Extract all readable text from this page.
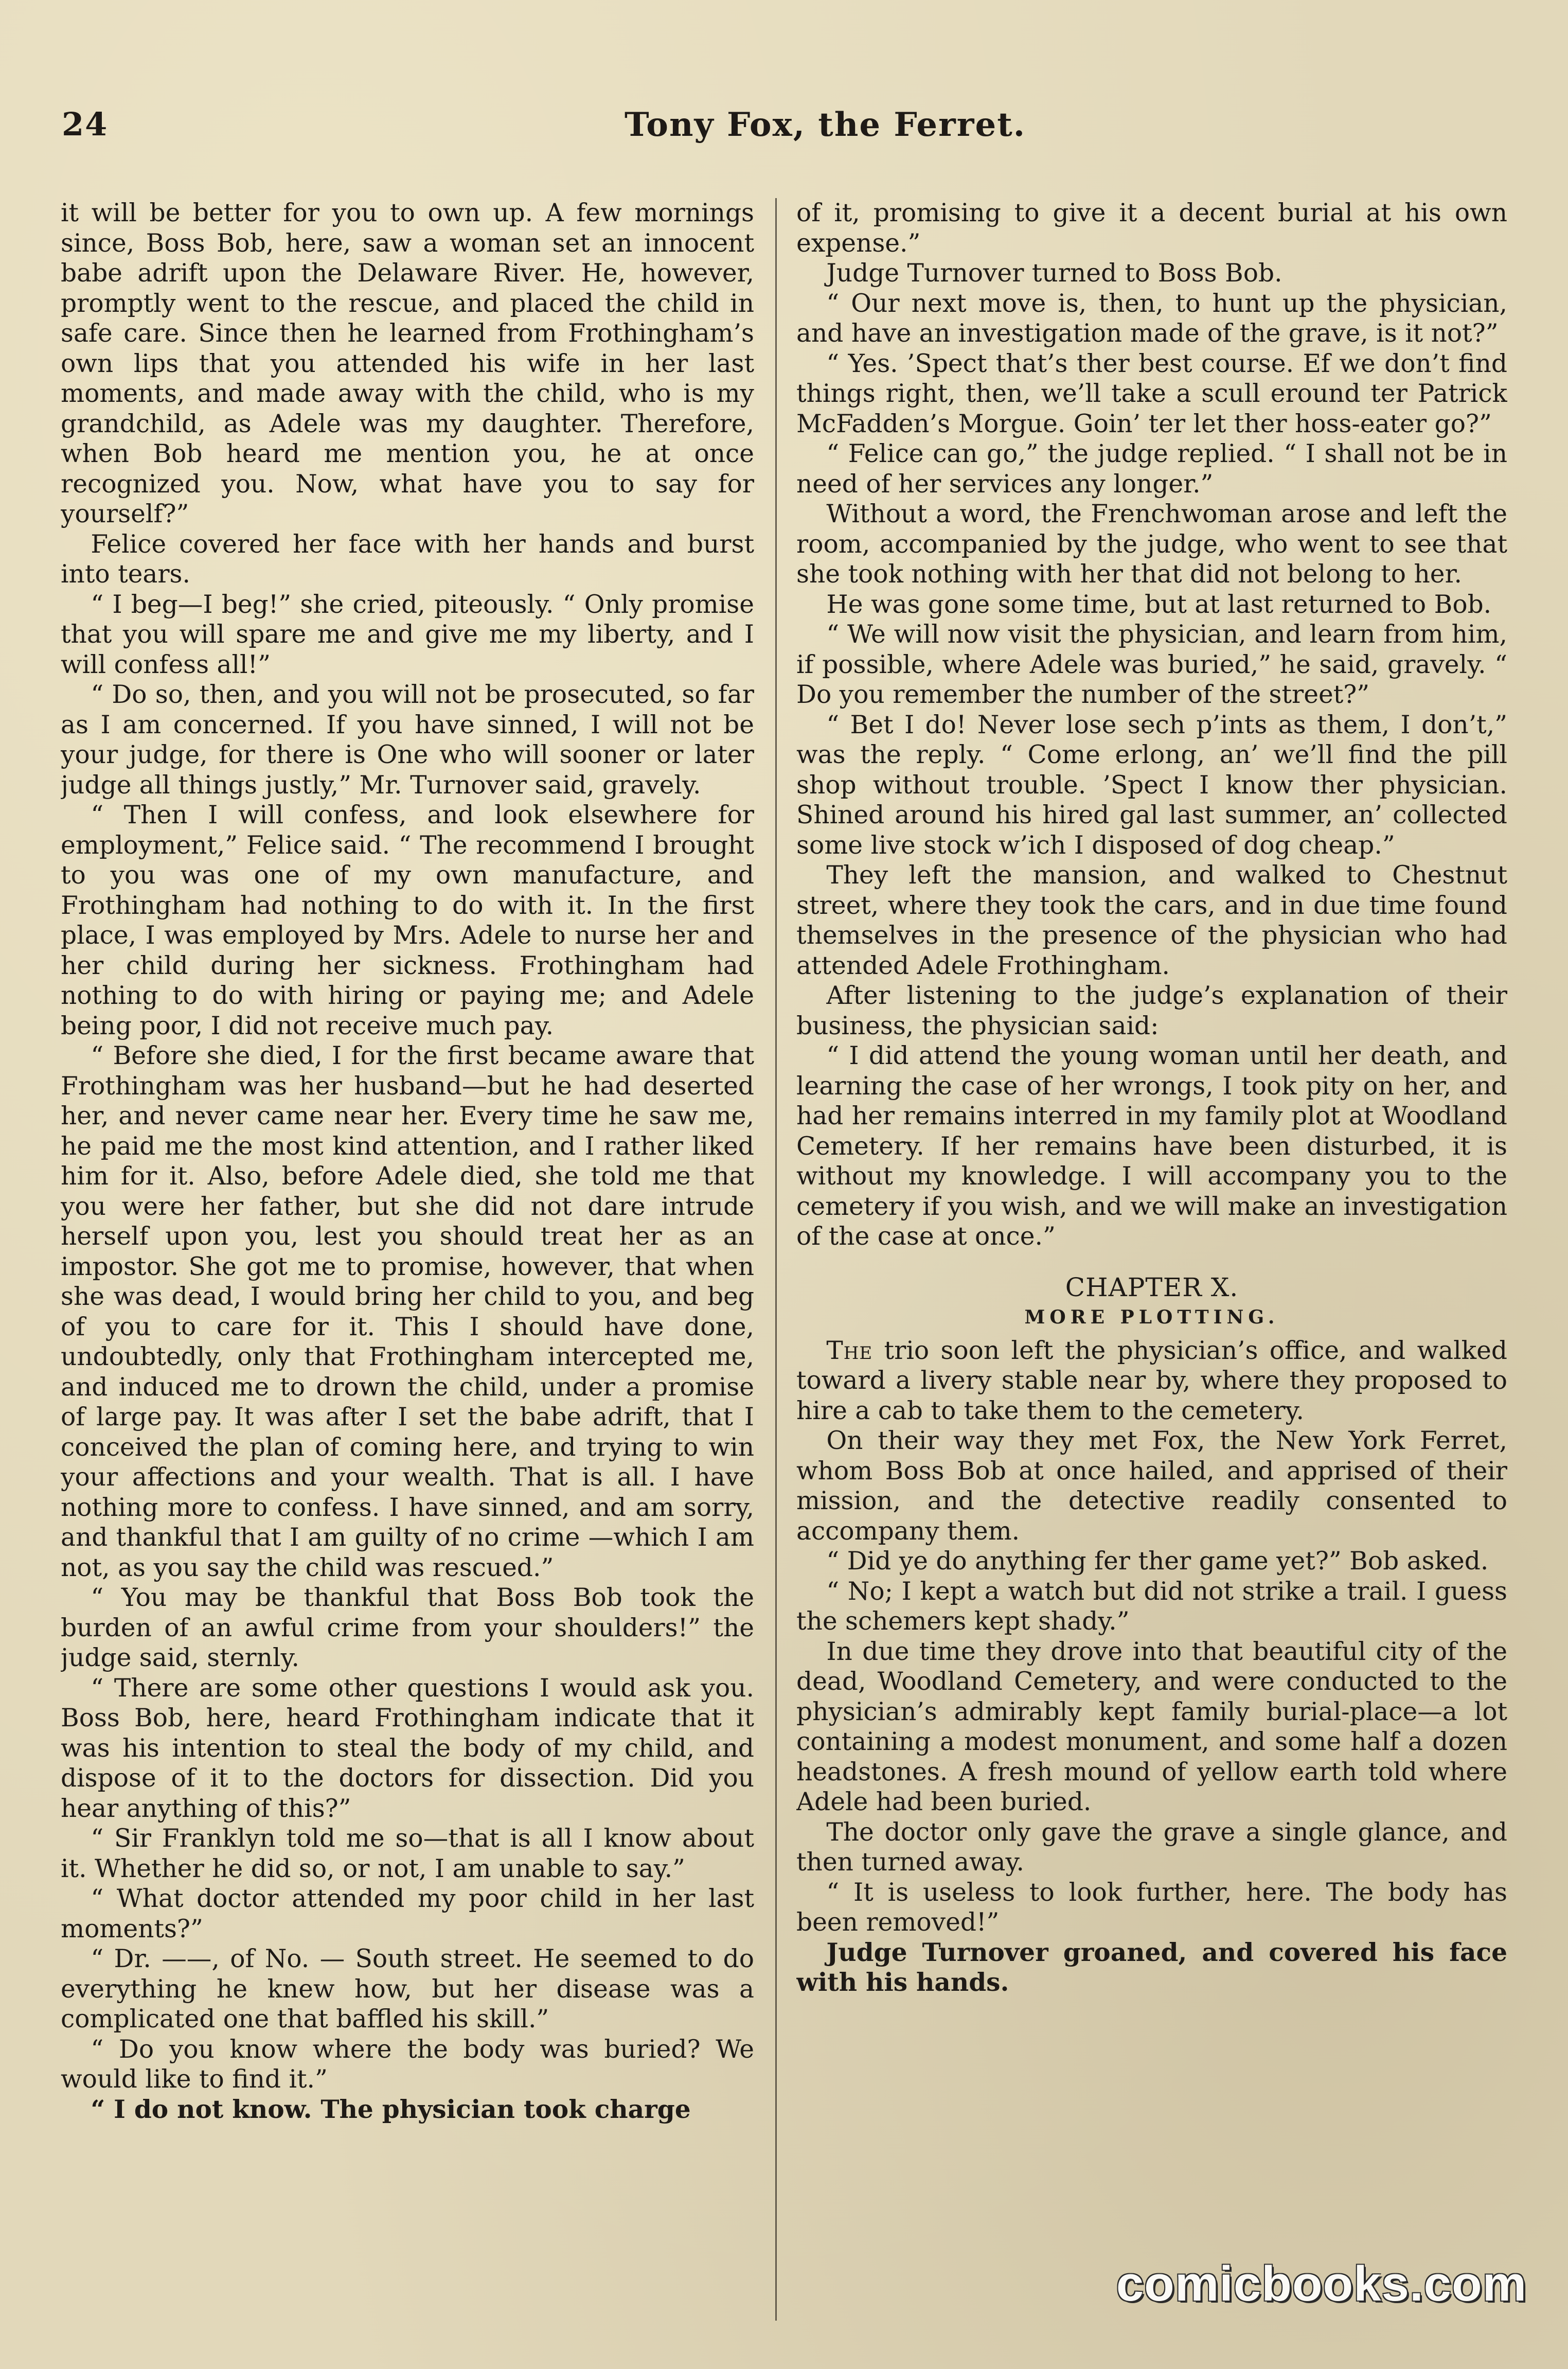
24	Tony Fox, the Ferret.

it will be better for you to own up. A few mornings since, Boss Bob, here, saw a woman set an innocent babe adrift upon the Delaware River. He, however, promptly went to the rescue, and placed the child in safe care. Since then he learned from Frothingham’s own lips that you attended his wife in her last moments, and made away with the child, who is my grandchild, as Adele was my daughter. Therefore, when Bob heard me mention you, he at once recognized you. Now, what have you to say for yourself?”

Felice covered her face with her hands and burst into tears.

“ I beg—I beg!” she cried, piteously. “ Only promise that you will spare me and give me my liberty, and I will confess all!”

“ Do so, then, and you will not be prosecuted, so far as I am concerned. If you have sinned, I will not be your judge, for there is One who will sooner or later judge all things justly,” Mr. Turnover said, gravely.

“ Then I will confess, and look elsewhere for employment,” Felice said. “ The recommend I brought to you was one of my own manufacture, and Frothingham had nothing to do with it. In the first place, I was employed by Mrs. Adele to nurse her and her child during her sickness. Frothingham had nothing to do with hiring or paying me; and Adele being poor, I did not receive much pay.

“ Before she died, I for the first became aware that Frothingham was her husband—but he had deserted her, and never came near her. Every time he saw me, he paid me the most kind attention, and I rather liked him for it. Also, before Adele died, she told me that you were her father, but she did not dare intrude herself upon you, lest you should treat her as an impostor. She got me to promise, however, that when she was dead, I would bring her child to you, and beg of you to care for it. This I should have done, undoubtedly, only that Frothingham intercepted me, and induced me to drown the child, under a promise of large pay. It was after I set the babe adrift, that I conceived the plan of coming here, and trying to win your affections and your wealth. That is all. I have nothing more to confess. I have sinned, and am sorry, and thankful that I am guilty of no crime —which I am not, as you say the child was rescued.”

“ You may be thankful that Boss Bob took the burden of an awful crime from your shoulders!” the judge said, sternly.

“ There are some other questions I would ask you. Boss Bob, here, heard Frothingham indicate that it was his intention to steal the body of my child, and dispose of it to the doctors for dissection. Did you hear anything of this?”

“ Sir Franklyn told me so—that is all I know about it. Whether he did so, or not, I am unable to say.”

“ What doctor attended my poor child in her last moments?”

“ Dr. ——, of No. — South street. He seemed to do everything he knew how, but her disease was a complicated one that baffled his skill.”

“ Do you know where the body was buried? We would like to find it.”

“ I do not know. The physician took charge

of it, promising to give it a decent burial at his own expense.”

Judge Turnover turned to Boss Bob.

“ Our next move is, then, to hunt up the physician, and have an investigation made of the grave, is it not?”

“ Yes. ’Spect that’s ther best course. Ef we don’t find things right, then, we’ll take a scull eround ter Patrick McFadden’s Morgue. Goin’ ter let ther hoss-eater go?”

“ Felice can go,” the judge replied. “ I shall not be in need of her services any longer.”

Without a word, the Frenchwoman arose and left the room, accompanied by the judge, who went to see that she took nothing with her that did not belong to her.

He was gone some time, but at last returned to Bob.

“ We will now visit the physician, and learn from him, if possible, where Adele was buried,” he said, gravely. “ Do you remember the number of the street?”

“ Bet I do! Never lose sech p’ints as them, I don’t,” was the reply. “ Come erlong, an’ we’ll find the pill shop without trouble. ’Spect I know ther physician. Shined around his hired gal last summer, an’ collected some live stock w’ich I disposed of dog cheap.”

They left the mansion, and walked to Chestnut street, where they took the cars, and in due time found themselves in the presence of the physician who had attended Adele Frothingham.

After listening to the judge’s explanation of their business, the physician said:

“ I did attend the young woman until her death, and learning the case of her wrongs, I took pity on her, and had her remains interred in my family plot at Woodland Cemetery. If her remains have been disturbed, it is without my knowledge. I will accompany you to the cemetery if you wish, and we will make an investigation of the case at once.”

CHAPTER X.
MORE PLOTTING.

The trio soon left the physician’s office, and walked toward a livery stable near by, where they proposed to hire a cab to take them to the cemetery.

On their way they met Fox, the New York Ferret, whom Boss Bob at once hailed, and apprised of their mission, and the detective readily consented to accompany them.

“ Did ye do anything fer ther game yet?” Bob asked.

“ No; I kept a watch but did not strike a trail. I guess the schemers kept shady.”

In due time they drove into that beautiful city of the dead, Woodland Cemetery, and were conducted to the physician’s admirably kept family burial-place—a lot containing a modest monument, and some half a dozen headstones. A fresh mound of yellow earth told where Adele had been buried.

The doctor only gave the grave a single glance, and then turned away.

“ It is useless to look further, here. The body has been removed!”

Judge Turnover groaned, and covered his face with his hands.

comicbooks.com
